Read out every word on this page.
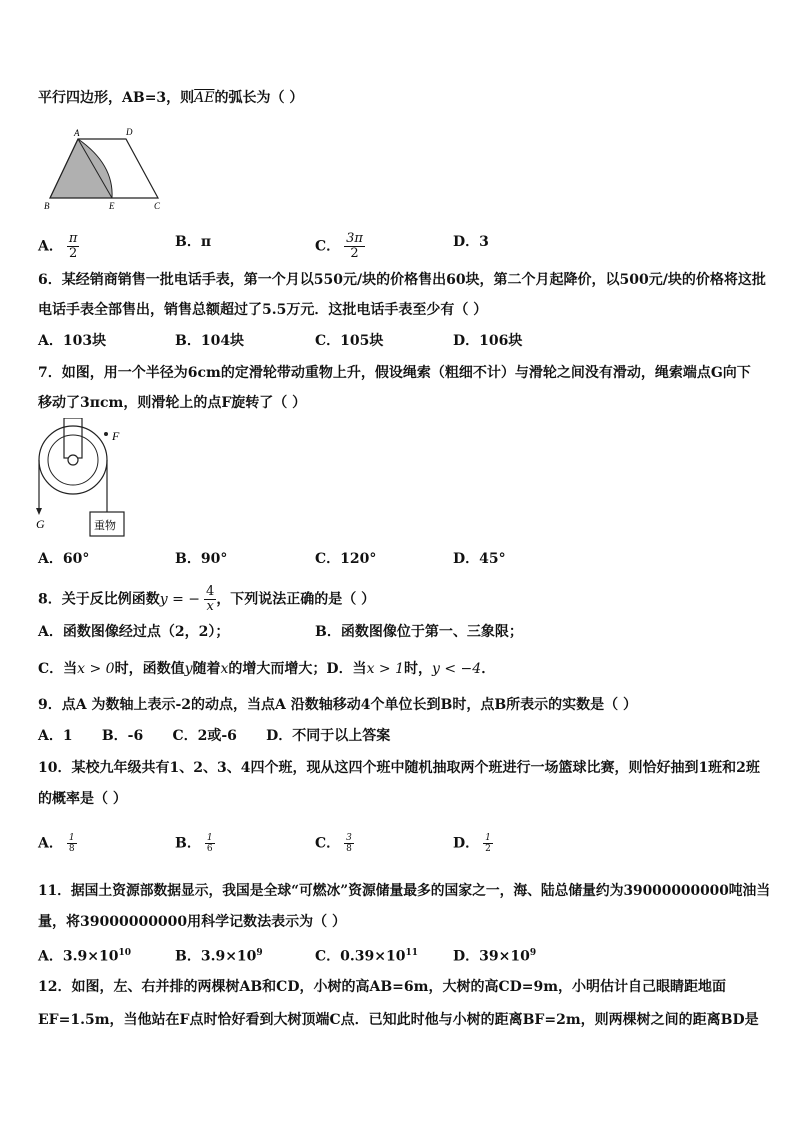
平行四边形，AB=3，则$\overline{AE}$的弧长为（ ）
A	D
B	E	C
A． $\frac{\pi}{2}$	B．π	C． $\frac{3\pi}{2}$	D．3
6．某经销商销售一批电话手表，第一个月以550元/块的价格售出60块，第二个月起降价，以500元/块的价格将这批
电话手表全部售出，销售总额超过了5.5万元．这批电话手表至少有（ ）
A．103块	B．104块	C．105块	D．106块
7．如图，用一个半径为6cm的定滑轮带动重物上升，假设绳索（粗细不计）与滑轮之间没有滑动，绳索端点G向下
移动了3πcm，则滑轮上的点F旋转了（ ）
F
G	重物
A．60°	B．90°	C．120°	D．45°
8．关于反比例函数y = − $\frac{4}{x}$ ，下列说法正确的是（ ）
A．函数图像经过点（2，2）；	B．函数图像位于第一、三象限；
C．当x > 0时，函数值y随着x的增大而增大；D．当x > 1时，y < −4．
9．点A 为数轴上表示-2的动点，当点A 沿数轴移动4个单位长到B时，点B所表示的实数是（ ）
A．1      B．-6      C．2或-6      D．不同于以上答案
10．某校九年级共有1、2、3、4四个班，现从这四个班中随机抽取两个班进行一场篮球比赛，则恰好抽到1班和2班
的概率是（ ）
A． $\frac{1}{8}$	B． $\frac{1}{6}$	C． $\frac{3}{8}$	D． $\frac{1}{2}$
11．据国土资源部数据显示，我国是全球“可燃冰”资源储量最多的国家之一，海、陆总储量约为39000000000吨油当
量，将39000000000用科学记数法表示为（ ）
A．$3.9\times 10^{10}$	B．$3.9\times 10^9$	C．$0.39\times 10^{11}$	D．$39\times 10^9$
12．如图，左、右并排的两棵树AB和CD，小树的高AB=6m，大树的高CD=9m，小明估计自己眼睛距地面
EF=1.5m，当他站在F点时恰好看到大树顶端C点．已知此时他与小树的距离BF=2m，则两棵树之间的距离BD是
